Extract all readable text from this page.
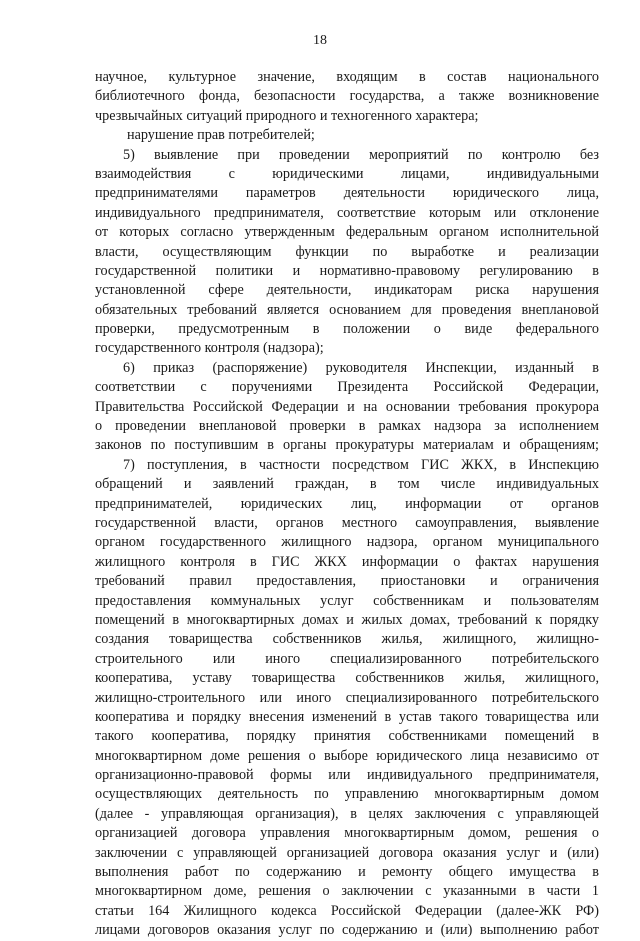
18
научное, культурное значение, входящим в состав национального
библиотечного фонда, безопасности государства, а также возникновение
чрезвычайных ситуаций природного и техногенного характера;
нарушение прав потребителей;
5) выявление при проведении мероприятий по контролю без
взаимодействия с юридическими лицами, индивидуальными
предпринимателями параметров деятельности юридического лица,
индивидуального предпринимателя, соответствие которым или отклонение
от которых согласно утвержденным федеральным органом исполнительной
власти, осуществляющим функции по выработке и реализации
государственной политики и нормативно-правовому регулированию в
установленной сфере деятельности, индикаторам риска нарушения
обязательных требований является основанием для проведения внеплановой
проверки, предусмотренным в положении о виде федерального
государственного контроля (надзора);
6) приказ (распоряжение) руководителя Инспекции, изданный в
соответствии с поручениями Президента Российской Федерации,
Правительства Российской Федерации и на основании требования прокурора
о проведении внеплановой проверки в рамках надзора за исполнением
законов по поступившим в органы прокуратуры материалам и обращениям;
7) поступления, в частности посредством ГИС ЖКХ, в Инспекцию
обращений и заявлений граждан, в том числе индивидуальных
предпринимателей, юридических лиц, информации от органов
государственной власти, органов местного самоуправления, выявление
органом государственного жилищного надзора, органом муниципального
жилищного контроля в ГИС ЖКХ информации о фактах нарушения
требований правил предоставления, приостановки и ограничения
предоставления коммунальных услуг собственникам и пользователям
помещений в многоквартирных домах и жилых домах, требований к порядку
создания товарищества собственников жилья, жилищного, жилищно-
строительного или иного специализированного потребительского
кооператива, уставу товарищества собственников жилья, жилищного,
жилищно-строительного или иного специализированного потребительского
кооператива и порядку внесения изменений в устав такого товарищества или
такого кооператива, порядку принятия собственниками помещений в
многоквартирном доме решения о выборе юридического лица независимо от
организационно-правовой формы или индивидуального предпринимателя,
осуществляющих деятельность по управлению многоквартирным домом
(далее - управляющая организация), в целях заключения с управляющей
организацией договора управления многоквартирным домом, решения о
заключении с управляющей организацией договора оказания услуг и (или)
выполнения работ по содержанию и ремонту общего имущества в
многоквартирном доме, решения о заключении с указанными в части 1
статьи 164 Жилищного кодекса Российской Федерации (далее-ЖК РФ)
лицами договоров оказания услуг по содержанию и (или) выполнению работ
